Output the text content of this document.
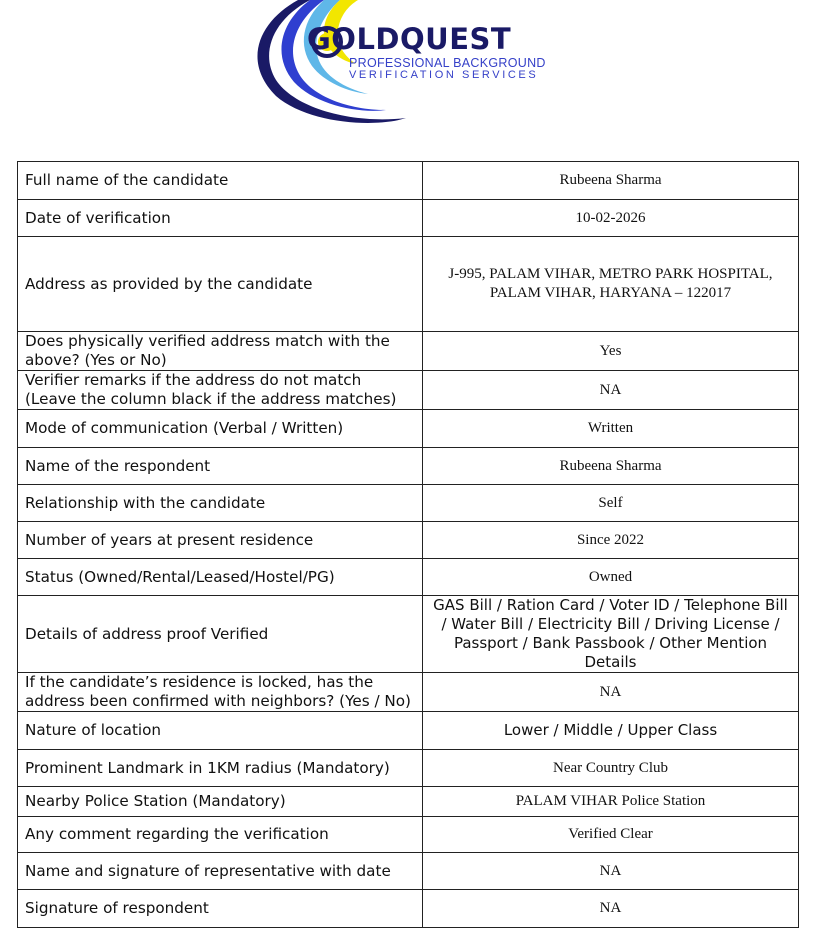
GOLDQUEST
PROFESSIONAL BACKGROUND
VERIFICATION SERVICES
Full name of the candidate	Rubeena Sharma
Date of verification	10-02-2026
Address as provided by the candidate	J-995, PALAM VIHAR, METRO PARK HOSPITAL, PALAM VIHAR, HARYANA – 122017
Does physically verified address match with the above? (Yes or No)	Yes
Verifier remarks if the address do not match (Leave the column black if the address matches)	NA
Mode of communication (Verbal / Written)	Written
Name of the respondent	Rubeena Sharma
Relationship with the candidate	Self
Number of years at present residence	Since 2022
Status (Owned/Rental/Leased/Hostel/PG)	Owned
Details of address proof Verified	GAS Bill / Ration Card / Voter ID / Telephone Bill / Water Bill / Electricity Bill / Driving License / Passport / Bank Passbook / Other Mention Details
If the candidate’s residence is locked, has the address been confirmed with neighbors? (Yes / No)	NA
Nature of location	Lower / Middle / Upper Class
Prominent Landmark in 1KM radius (Mandatory)	Near Country Club
Nearby Police Station (Mandatory)	PALAM VIHAR Police Station
Any comment regarding the verification	Verified Clear
Name and signature of representative with date	NA
Signature of respondent	NA
